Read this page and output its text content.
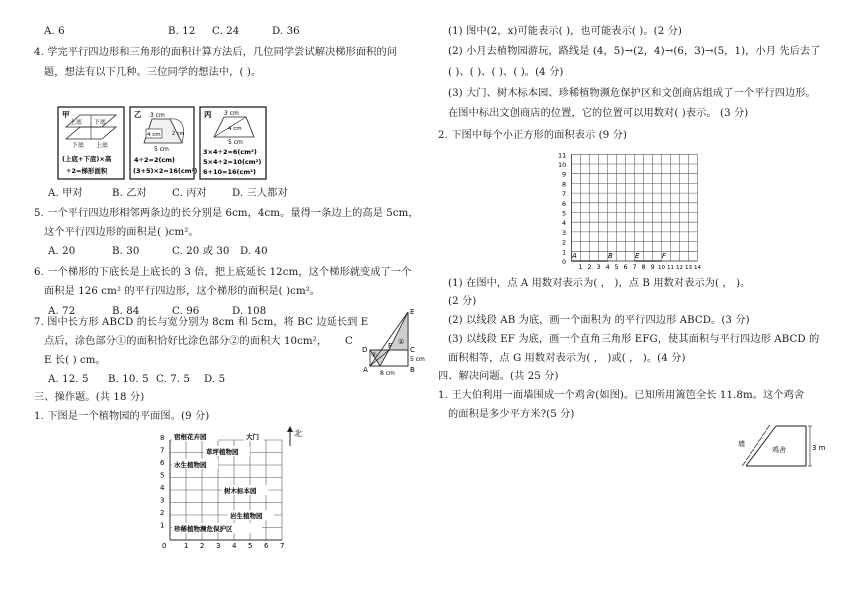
A. 6	B. 12 C. 24	D. 36
4. 学完平行四边形和三角形的面积计算方法后，几位同学尝试解决梯形面积的问
题，想法有以下几种。三位同学的想法中，( )。
甲
上底 下底
下底 上底
(上底+下底)×高
÷2=梯形面积
乙 3 cm
4 cm 2 cm
5 cm
4÷2=2(cm)
(3+5)×2=16(cm²)
丙 3 cm
4 cm
5 cm
3×4÷2=6(cm²)
5×4÷2=10(cm²)
6+10=16(cm²)
A. 甲对	B. 乙对 C. 丙对 D. 三人都对
5. 一个平行四边形相邻两条边的长分别是 6cm，4cm。量得一条边上的高是 5cm，
这个平行四边形的面积是( )cm²。
A. 20	B. 30	C. 20 或 30 D. 40
6. 一个梯形的下底长是上底长的 3 倍，把上底延长 12cm，这个梯形就变成了一个
面积是 126 cm² 的平行四边形，这个梯形的面积是( )cm²。
A. 72	B. 84	C. 96	D. 108
7. 图中长方形 ABCD 的长与宽分别为 8cm 和 5cm，将 BC 边延长到 E
点后，涂色部分①的面积恰好比涂色部分②的面积大 10cm²， C
E 长( ) cm。
E
D	C
A	B
F ①
②
5 cm
8 cm
A. 12. 5 B. 10. 5 C. 7. 5 D. 5
三、操作题。(共 18 分)
1. 下图是一个植物园的平面图。(9 分)
8
7
6
5
4
3
2
1
0	1 2 3 4 5 6 7
宿根花卉园	大门
草坪植物园
水生植物园
树木标本园
岩生植物园
珍稀植物濒危保护区
北
(1) 图中(2，x)可能表示( )，也可能表示( )。(2 分)
(2) 小月去植物园游玩，路线是 (4，5)→(2，4)→(6，3)→(5，1)，小月 先后去了
( )、( )、( )、( )。(4 分)
(3) 大门、树木标本园、珍稀植物濒危保护区和文创商店组成了一个平行四边形。
在图中标出文创商店的位置，它的位置可以用数对( )表示。 (3 分)
2. 下图中每个小正方形的面积表示 (9 分)
11
10
9
8
7
6
5
4
3
2
1
0
1 2 3 4 5 6 7 8 9 10 11 12 13 14
A	B	E	F
(1) 在图中，点 A 用数对表示为( ， )，点 B 用数对表示为( ， )。
(2 分)
(2) 以线段 AB 为底，画一个面积为 的平行四边形 ABCD。(3 分)
(3) 以线段 EF 为底，画一个直角三角形 EFG，使其面积与平行四边形 ABCD 的
面积相等，点 G 用数对表示为( ， )或( ， )。(4 分)
四、解决问题。(共 25 分)
1. 王大伯利用一面墙围成一个鸡舍(如图)。已知所用篱笆全长 11.8m。这个鸡舍
的面积是多少平方米?(5 分)
墙
鸡舍	3 m
